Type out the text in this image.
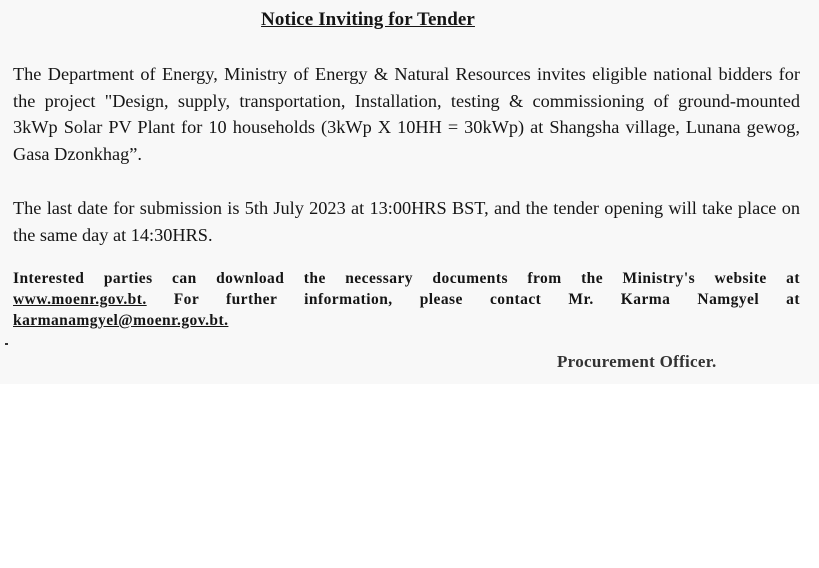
Notice Inviting for Tender

The Department of Energy, Ministry of Energy & Natural Resources invites eligible national bidders for the project "Design, supply, transportation, Installation, testing & commissioning of ground-mounted 3kWp Solar PV Plant for 10 households (3kWp X 10HH = 30kWp) at Shangsha village, Lunana gewog, Gasa Dzonkhag”.

The last date for submission is 5th July 2023 at 13:00HRS BST, and the tender opening will take place on the same day at 14:30HRS.

Interested parties can download the necessary documents from the Ministry's website at www.moenr.gov.bt. For further information, please contact Mr. Karma Namgyel at karmanamgyel@moenr.gov.bt.

Procurement Officer.
